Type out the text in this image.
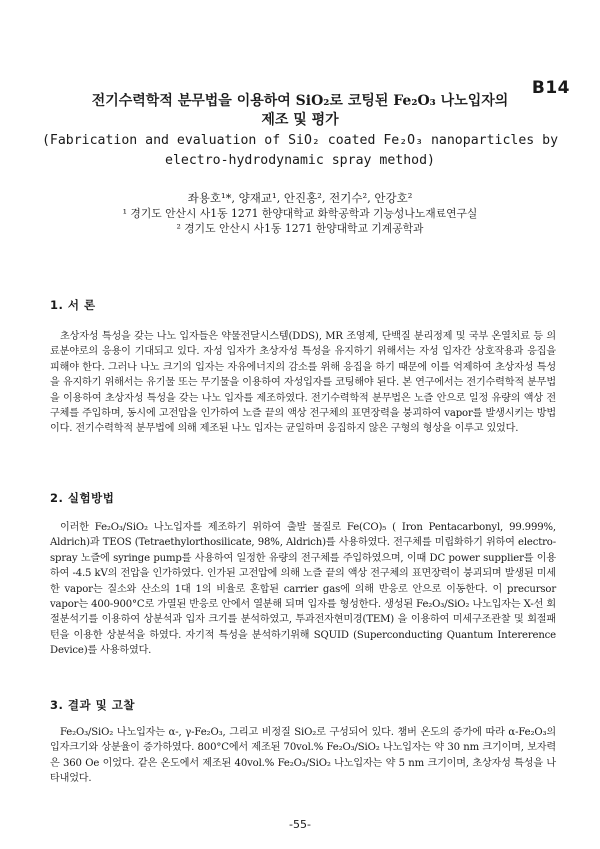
B14
전기수력학적 분무법을 이용하여 SiO₂로 코팅된 Fe₂O₃ 나노입자의
제조 및 평가
(Fabrication and evaluation of SiO₂ coated Fe₂O₃ nanoparticles by
electro-hydrodynamic spray method)
좌용호¹*, 양재교¹, 안진홍², 전기수², 안강호²
¹ 경기도 안산시 사1동 1271 한양대학교 화학공학과 기능성나노재료연구실
² 경기도 안산시 사1동 1271 한양대학교 기계공학과
1. 서 론

초상자성 특성을 갖는 나노 입자들은 약물전달시스템(DDS), MR 조영제, 단백질 분리정제 및 국부 온열치료 등 의료분야로의 응용이 기대되고 있다. 자성 입자가 초상자성 특성을 유지하기 위해서는 자성 입자간 상호작용과 응집을 피해야 한다. 그러나 나노 크기의 입자는 자유에너지의 감소를 위해 응집을 하기 때문에 이를 억제하여 초상자성 특성을 유지하기 위해서는 유기물 또는 무기물을 이용하여 자성입자를 코팅해야 된다. 본 연구에서는 전기수력학적 분무법을 이용하여 초상자성 특성을 갖는 나노 입자를 제조하였다. 전기수력학적 분무법은 노즐 안으로 일정 유량의 액상 전구체를 주입하며, 동시에 고전압을 인가하여 노즐 끝의 액상 전구체의 표면장력을 붕괴하여 vapor를 발생시키는 방법이다. 전기수력학적 분무법에 의해 제조된 나노 입자는 균일하며 응집하지 않은 구형의 형상을 이루고 있었다.

2. 실험방법

이러한 Fe₂O₃/SiO₂ 나노입자를 제조하기 위하여 출발 물질로 Fe(CO)₅ ( Iron Pentacarbonyl, 99.999%, Aldrich)과 TEOS (Tetraethylorthosilicate, 98%, Aldrich)를 사용하였다. 전구체를 미립화하기 위하여 electro-spray 노즐에 syringe pump를 사용하여 일정한 유량의 전구체를 주입하였으며, 이때 DC power supplier를 이용하여 -4.5 kV의 전압을 인가하였다. 인가된 고전압에 의해 노즐 끝의 액상 전구체의 표면장력이 붕괴되며 발생된 미세한 vapor는 질소와 산소의 1대 1의 비율로 혼합된 carrier gas에 의해 반응로 안으로 이동한다. 이 precursor vapor는 400-900°C로 가열된 반응로 안에서 열분해 되며 입자를 형성한다. 생성된 Fe₂O₃/SiO₂ 나노입자는 X-선 회절분석기를 이용하여 상분석과 입자 크기를 분석하였고, 투과전자현미경(TEM) 을 이용하여 미세구조관찰 및 회절패턴을 이용한 상분석을 하였다. 자기적 특성을 분석하기위해 SQUID (Superconducting Quantum Intererence Device)를 사용하였다.

3. 결과 및 고찰

Fe₂O₃/SiO₂ 나노입자는 α-, γ-Fe₂O₃, 그리고 비정질 SiO₂로 구성되어 있다. 챔버 온도의 증가에 따라 α-Fe₂O₃의 입자크기와 상분율이 증가하였다. 800°C에서 제조된 70vol.% Fe₂O₃/SiO₂ 나노입자는 약 30 nm 크기이며, 보자력은 360 Oe 이었다. 같은 온도에서 제조된 40vol.% Fe₂O₃/SiO₂ 나노입자는 약 5 nm 크기이며, 초상자성 특성을 나타내었다.

-55-
